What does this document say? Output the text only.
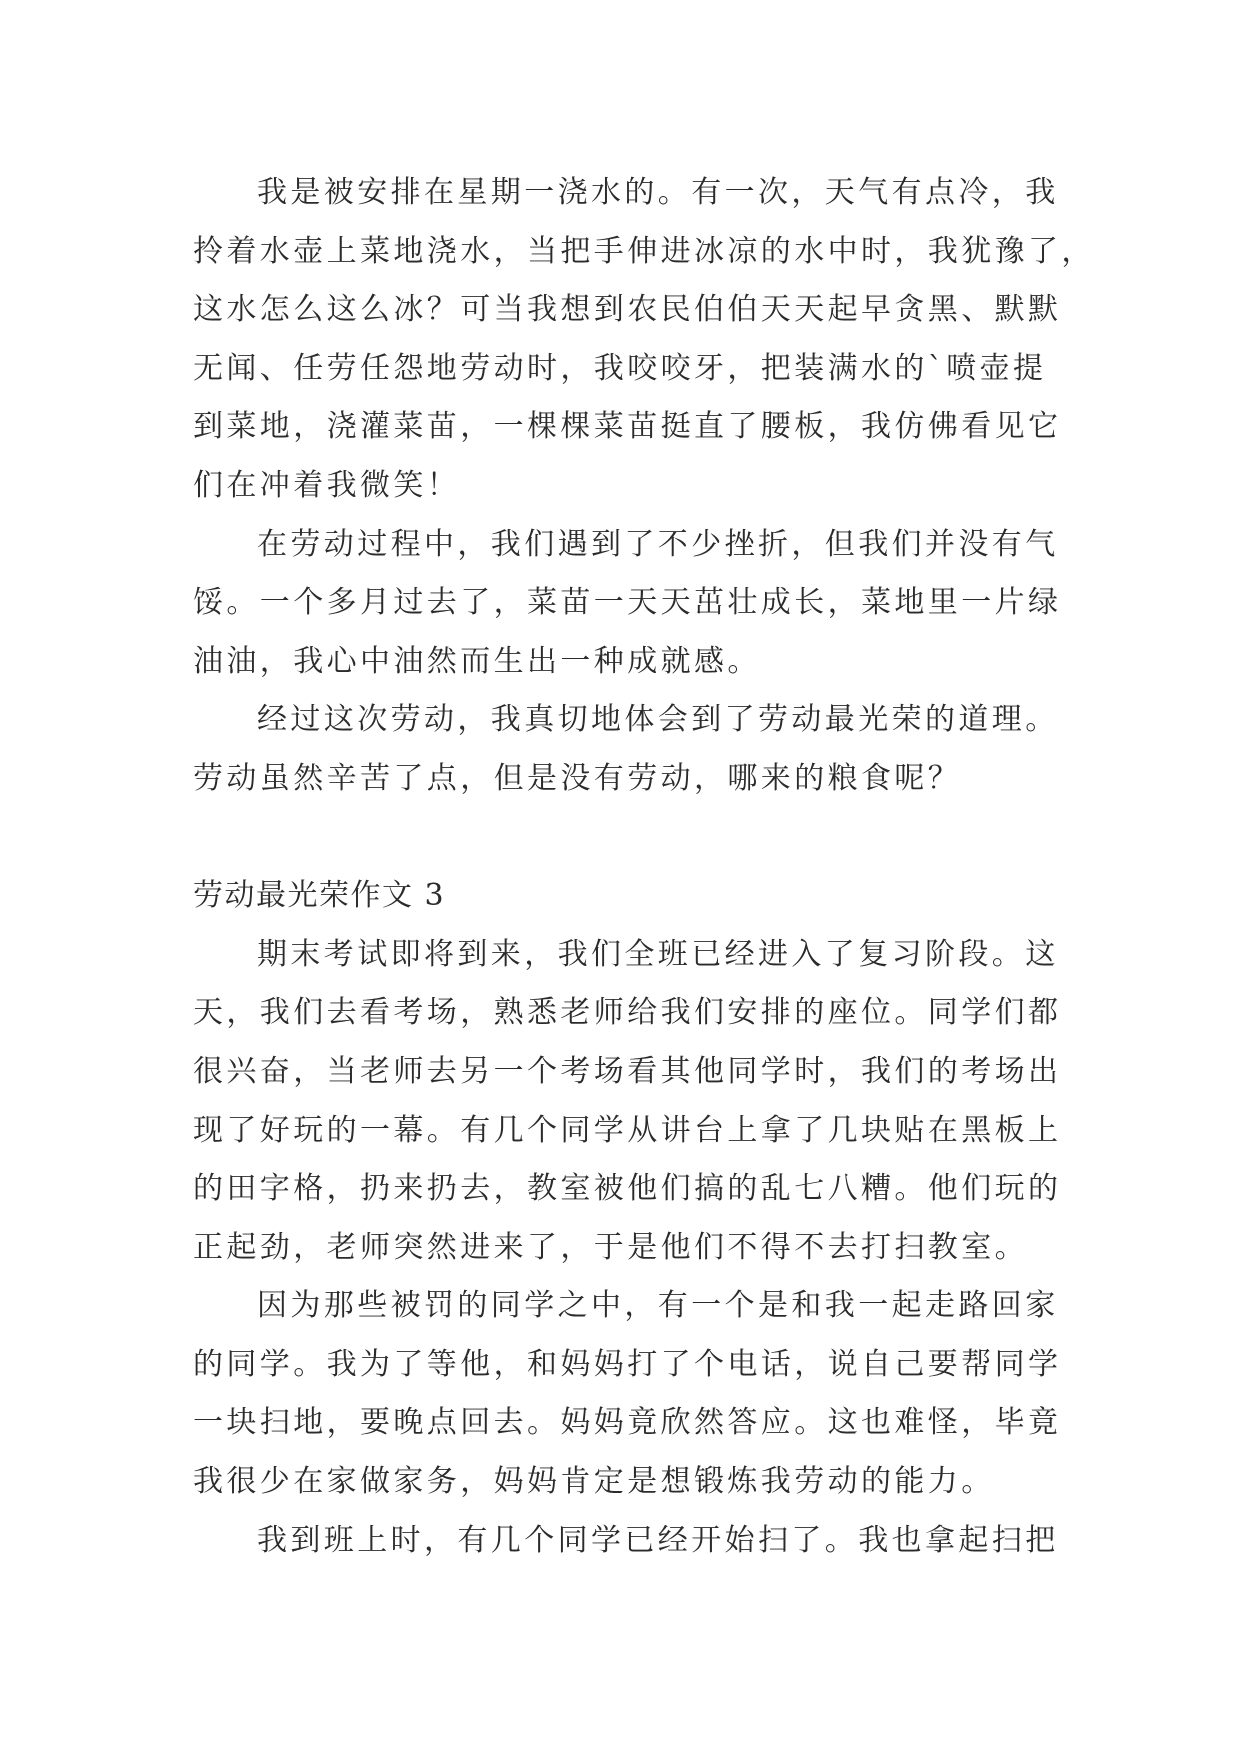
我是被安排在星期一浇水的。有一次，天气有点冷，我
拎着水壶上菜地浇水，当把手伸进冰凉的水中时，我犹豫了，
这水怎么这么冰？可当我想到农民伯伯天天起早贪黑、默默
无闻、任劳任怨地劳动时，我咬咬牙，把装满水的`喷壶提
到菜地，浇灌菜苗，一棵棵菜苗挺直了腰板，我仿佛看见它
们在冲着我微笑！
在劳动过程中，我们遇到了不少挫折，但我们并没有气
馁。一个多月过去了，菜苗一天天茁壮成长，菜地里一片绿
油油，我心中油然而生出一种成就感。
经过这次劳动，我真切地体会到了劳动最光荣的道理。
劳动虽然辛苦了点，但是没有劳动，哪来的粮食呢？
劳动最光荣作文 3
期末考试即将到来，我们全班已经进入了复习阶段。这
天，我们去看考场，熟悉老师给我们安排的座位。同学们都
很兴奋，当老师去另一个考场看其他同学时，我们的考场出
现了好玩的一幕。有几个同学从讲台上拿了几块贴在黑板上
的田字格，扔来扔去，教室被他们搞的乱七八糟。他们玩的
正起劲，老师突然进来了，于是他们不得不去打扫教室。
因为那些被罚的同学之中，有一个是和我一起走路回家
的同学。我为了等他，和妈妈打了个电话，说自己要帮同学
一块扫地，要晚点回去。妈妈竟欣然答应。这也难怪，毕竟
我很少在家做家务，妈妈肯定是想锻炼我劳动的能力。
我到班上时，有几个同学已经开始扫了。我也拿起扫把
